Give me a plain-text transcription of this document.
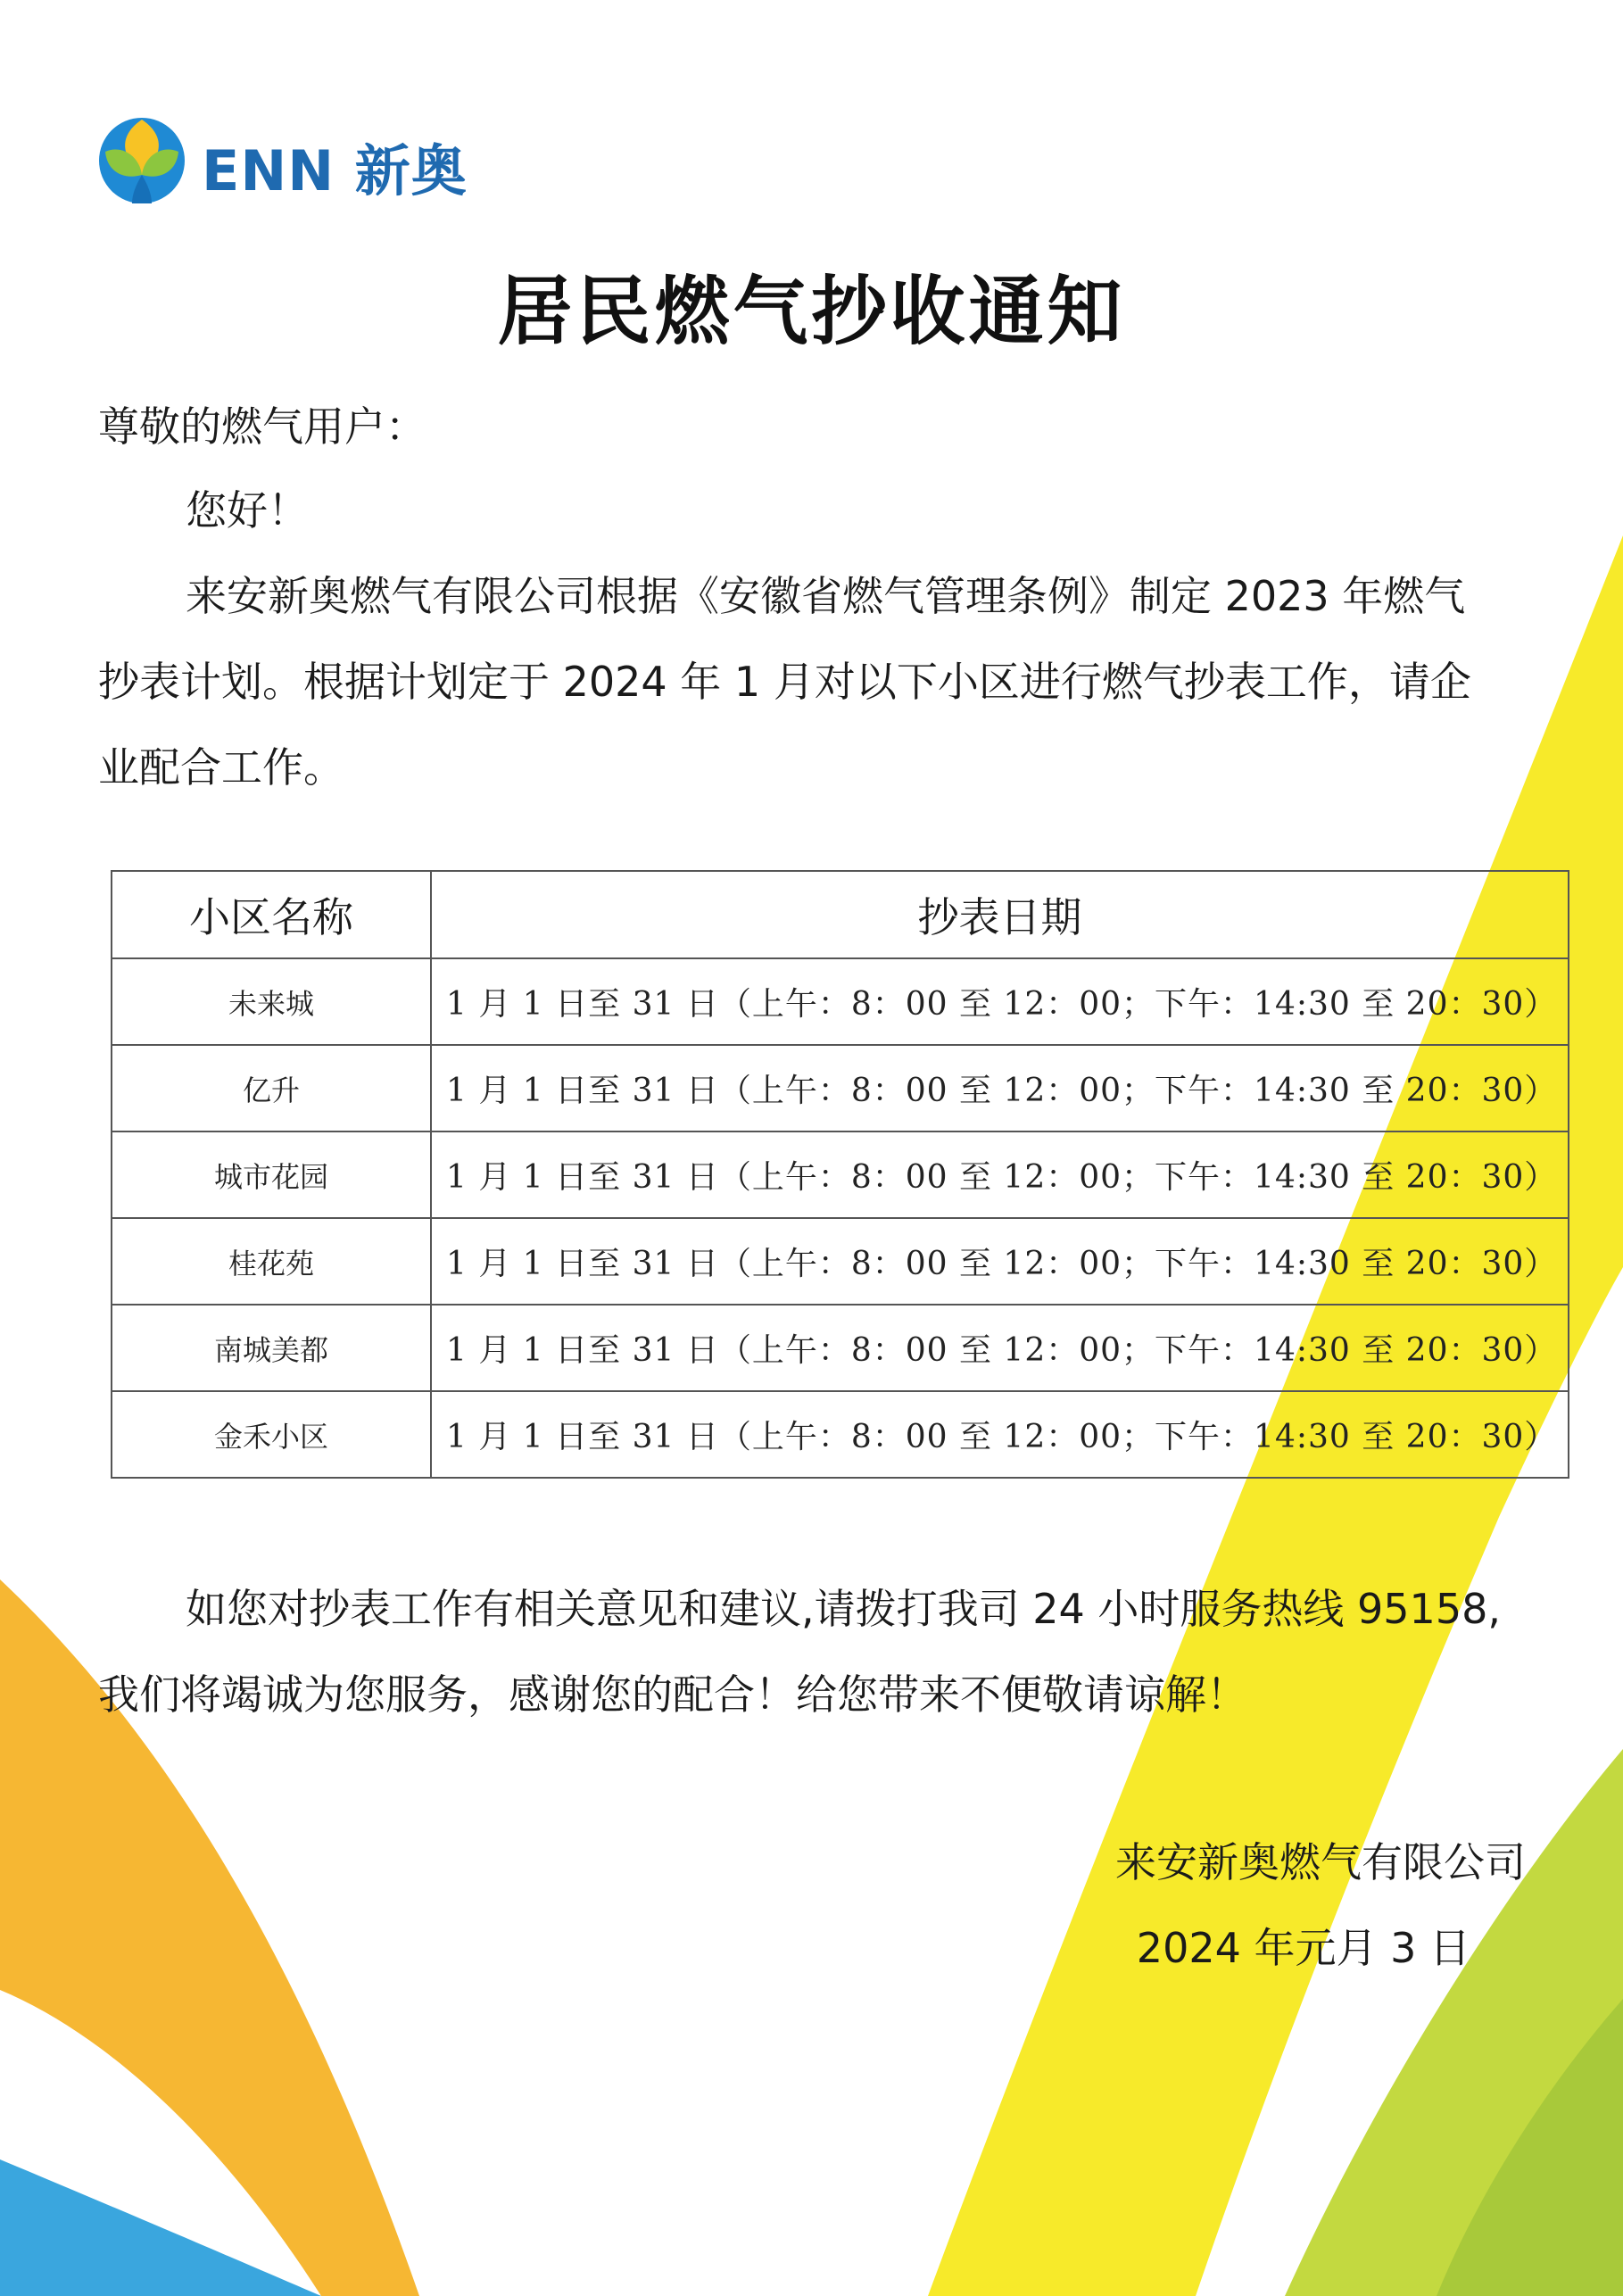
ENN 新奥
居民燃气抄收通知
尊敬的燃气用户：
您好！
来安新奥燃气有限公司根据《安徽省燃气管理条例》制定 2023 年燃气
抄表计划。根据计划定于 2024 年 1 月对以下小区进行燃气抄表工作，请企
业配合工作。
小区名称	抄表日期
未来城	1 月 1 日至 31 日（上午：8：00 至 12：00；下午：14:30 至 20：30）
亿升	1 月 1 日至 31 日（上午：8：00 至 12：00；下午：14:30 至 20：30）
城市花园	1 月 1 日至 31 日（上午：8：00 至 12：00；下午：14:30 至 20：30）
桂花苑	1 月 1 日至 31 日（上午：8：00 至 12：00；下午：14:30 至 20：30）
南城美都	1 月 1 日至 31 日（上午：8：00 至 12：00；下午：14:30 至 20：30）
金禾小区	1 月 1 日至 31 日（上午：8：00 至 12：00；下午：14:30 至 20：30）
如您对抄表工作有相关意见和建议,请拨打我司 24 小时服务热线 95158,
我们将竭诚为您服务，感谢您的配合！给您带来不便敬请谅解！
来安新奥燃气有限公司
2024 年元月 3 日
